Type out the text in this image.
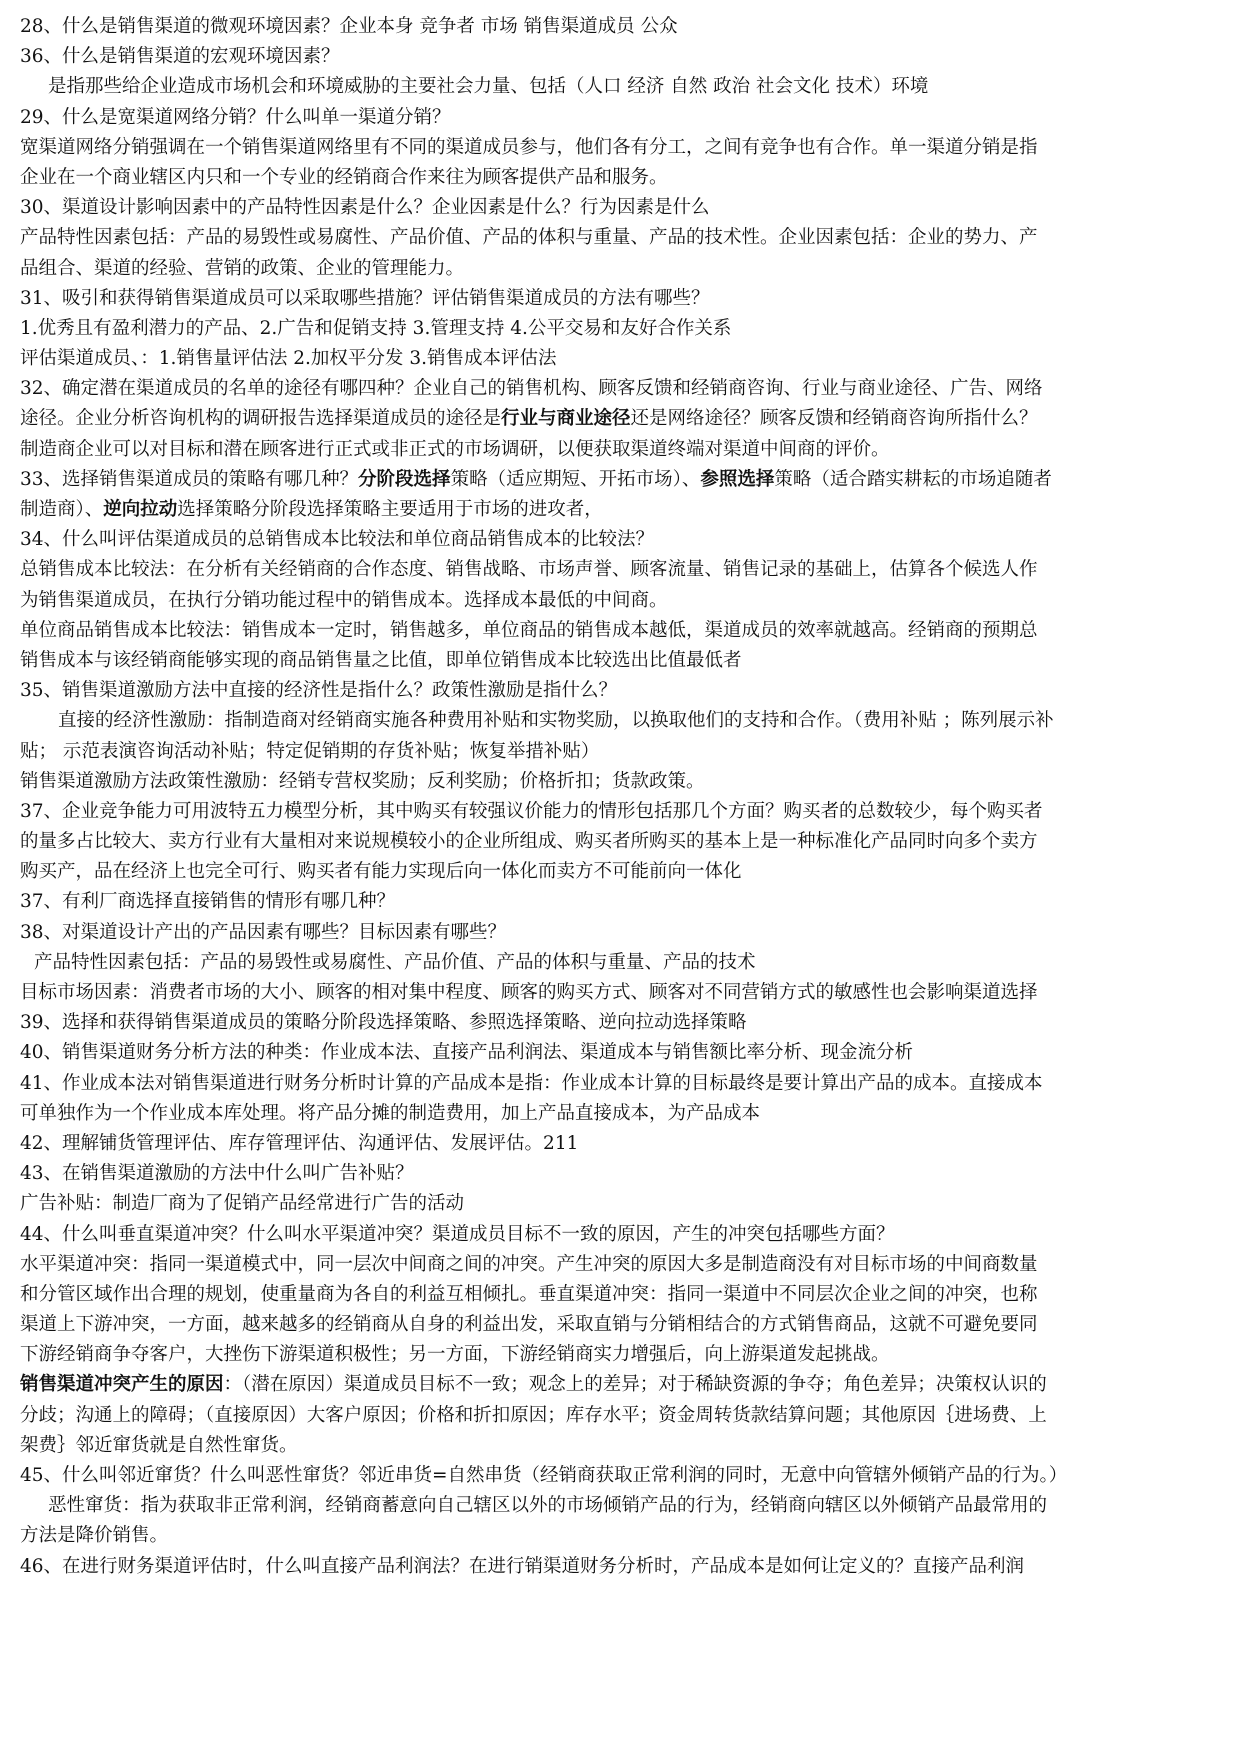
28、什么是销售渠道的微观环境因素？企业本身 竞争者 市场 销售渠道成员 公众
36、什么是销售渠道的宏观环境因素？
是指那些给企业造成市场机会和环境威胁的主要社会力量、包括（人口 经济 自然 政治 社会文化 技术）环境
29、什么是宽渠道网络分销？什么叫单一渠道分销？
宽渠道网络分销强调在一个销售渠道网络里有不同的渠道成员参与，他们各有分工，之间有竞争也有合作。单一渠道分销是指
企业在一个商业辖区内只和一个专业的经销商合作来往为顾客提供产品和服务。
30、渠道设计影响因素中的产品特性因素是什么？企业因素是什么？行为因素是什么
产品特性因素包括：产品的易毁性或易腐性、产品价值、产品的体积与重量、产品的技术性。企业因素包括：企业的势力、产
品组合、渠道的经验、营销的政策、企业的管理能力。
31、吸引和获得销售渠道成员可以采取哪些措施？评估销售渠道成员的方法有哪些？
1.优秀且有盈利潜力的产品、2.广告和促销支持 3.管理支持 4.公平交易和友好合作关系
评估渠道成员、：1.销售量评估法 2.加权平分发 3.销售成本评估法
32、确定潜在渠道成员的名单的途径有哪四种？企业自己的销售机构、顾客反馈和经销商咨询、行业与商业途径、广告、网络
途径。企业分析咨询机构的调研报告选择渠道成员的途径是行业与商业途径还是网络途径？顾客反馈和经销商咨询所指什么？
制造商企业可以对目标和潜在顾客进行正式或非正式的市场调研，以便获取渠道终端对渠道中间商的评价。
33、选择销售渠道成员的策略有哪几种？分阶段选择策略（适应期短、开拓市场）、参照选择策略（适合踏实耕耘的市场追随者
制造商）、逆向拉动选择策略分阶段选择策略主要适用于市场的进攻者，
34、什么叫评估渠道成员的总销售成本比较法和单位商品销售成本的比较法？
总销售成本比较法：在分析有关经销商的合作态度、销售战略、市场声誉、顾客流量、销售记录的基础上，估算各个候选人作
为销售渠道成员，在执行分销功能过程中的销售成本。选择成本最低的中间商。
单位商品销售成本比较法：销售成本一定时，销售越多，单位商品的销售成本越低，渠道成员的效率就越高。经销商的预期总
销售成本与该经销商能够实现的商品销售量之比值，即单位销售成本比较选出比值最低者
35、销售渠道激励方法中直接的经济性是指什么？政策性激励是指什么？
直接的经济性激励：指制造商对经销商实施各种费用补贴和实物奖励，以换取他们的支持和合作。（费用补贴 ；陈列展示补
贴； 示范表演咨询活动补贴；特定促销期的存货补贴；恢复举措补贴）
销售渠道激励方法政策性激励：经销专营权奖励；反利奖励；价格折扣；货款政策。
37、企业竞争能力可用波特五力模型分析，其中购买有较强议价能力的情形包括那几个方面？购买者的总数较少，每个购买者
的量多占比较大、卖方行业有大量相对来说规模较小的企业所组成、购买者所购买的基本上是一种标准化产品同时向多个卖方
购买产，品在经济上也完全可行、购买者有能力实现后向一体化而卖方不可能前向一体化
37、有利厂商选择直接销售的情形有哪几种？
38、对渠道设计产出的产品因素有哪些？目标因素有哪些？
产品特性因素包括：产品的易毁性或易腐性、产品价值、产品的体积与重量、产品的技术
目标市场因素：消费者市场的大小、顾客的相对集中程度、顾客的购买方式、顾客对不同营销方式的敏感性也会影响渠道选择
39、选择和获得销售渠道成员的策略分阶段选择策略、参照选择策略、逆向拉动选择策略
40、销售渠道财务分析方法的种类：作业成本法、直接产品利润法、渠道成本与销售额比率分析、现金流分析
41、作业成本法对销售渠道进行财务分析时计算的产品成本是指：作业成本计算的目标最终是要计算出产品的成本。直接成本
可单独作为一个作业成本库处理。将产品分摊的制造费用，加上产品直接成本，为产品成本
42、理解铺货管理评估、库存管理评估、沟通评估、发展评估。211
43、在销售渠道激励的方法中什么叫广告补贴？
广告补贴：制造厂商为了促销产品经常进行广告的活动
44、什么叫垂直渠道冲突？什么叫水平渠道冲突？渠道成员目标不一致的原因，产生的冲突包括哪些方面？
水平渠道冲突：指同一渠道模式中，同一层次中间商之间的冲突。产生冲突的原因大多是制造商没有对目标市场的中间商数量
和分管区域作出合理的规划，使重量商为各自的利益互相倾扎。垂直渠道冲突：指同一渠道中不同层次企业之间的冲突，也称
渠道上下游冲突，一方面，越来越多的经销商从自身的利益出发，采取直销与分销相结合的方式销售商品，这就不可避免要同
下游经销商争夺客户，大挫伤下游渠道积极性；另一方面，下游经销商实力增强后，向上游渠道发起挑战。
销售渠道冲突产生的原因：（潜在原因）渠道成员目标不一致；观念上的差异；对于稀缺资源的争夺；角色差异；决策权认识的
分歧；沟通上的障碍；（直接原因）大客户原因；价格和折扣原因；库存水平；资金周转货款结算问题；其他原因｛进场费、上
架费｝邻近窜货就是自然性窜货。
45、什么叫邻近窜货？什么叫恶性窜货？邻近串货=自然串货（经销商获取正常利润的同时，无意中向管辖外倾销产品的行为。）
恶性窜货：指为获取非正常利润，经销商蓄意向自己辖区以外的市场倾销产品的行为，经销商向辖区以外倾销产品最常用的
方法是降价销售。
46、在进行财务渠道评估时，什么叫直接产品利润法？在进行销渠道财务分析时，产品成本是如何让定义的？直接产品利润
